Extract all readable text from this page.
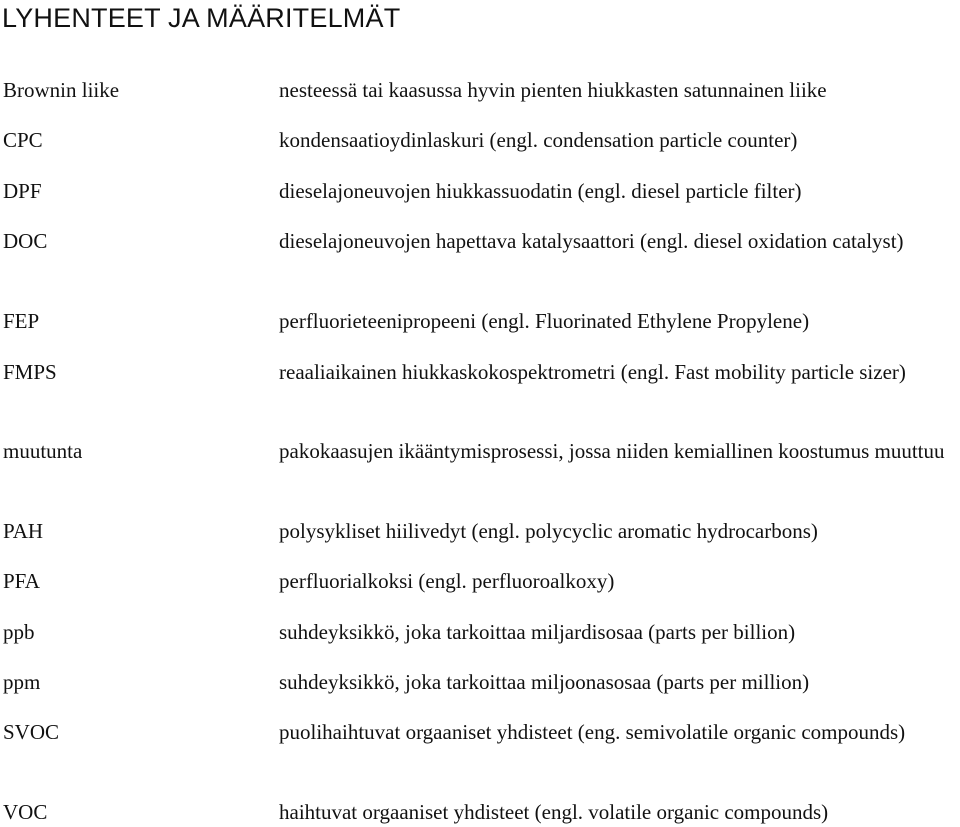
LYHENTEET JA MÄÄRITELMÄT
Brownin liike	nesteessä tai kaasussa hyvin pienten hiukkasten satunnainen liike
CPC	kondensaatioydinlaskuri (engl. condensation particle counter)
DPF	dieselajoneuvojen hiukkassuodatin (engl. diesel particle filter)
DOC	dieselajoneuvojen hapettava katalysaattori (engl. diesel oxidation catalyst)
FEP	perfluorieteenipropeeni (engl. Fluorinated Ethylene Propylene)
FMPS	reaaliaikainen hiukkaskokospektrometri (engl. Fast mobility particle sizer)
muutunta	pakokaasujen ikääntymisprosessi, jossa niiden kemiallinen koostumus muuttuu
PAH	polysykliset hiilivedyt (engl. polycyclic aromatic hydrocarbons)
PFA	perfluorialkoksi (engl. perfluoroalkoxy)
ppb	suhdeyksikkö, joka tarkoittaa miljardisosaa (parts per billion)
ppm	suhdeyksikkö, joka tarkoittaa miljoonasosaa (parts per million)
SVOC	puolihaihtuvat orgaaniset yhdisteet (eng. semivolatile organic compounds)
VOC	haihtuvat orgaaniset yhdisteet (engl. volatile organic compounds)
